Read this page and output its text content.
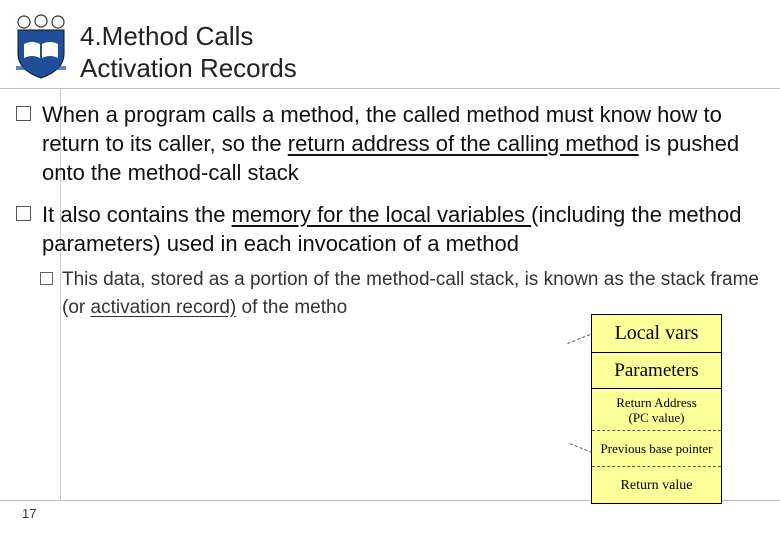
4.Method Calls
Activation Records
When a program calls a method, the called method must know how to return to its caller, so the return address of the calling method is pushed onto the method-call stack
It also contains the memory for the local variables (including the method parameters) used in each invocation of a method
This data, stored as a portion of the method-call stack, is known as the stack frame (or activation record) of the metho
Local vars
Parameters
Return Address
(PC value)
Previous base pointer
Return value
17
